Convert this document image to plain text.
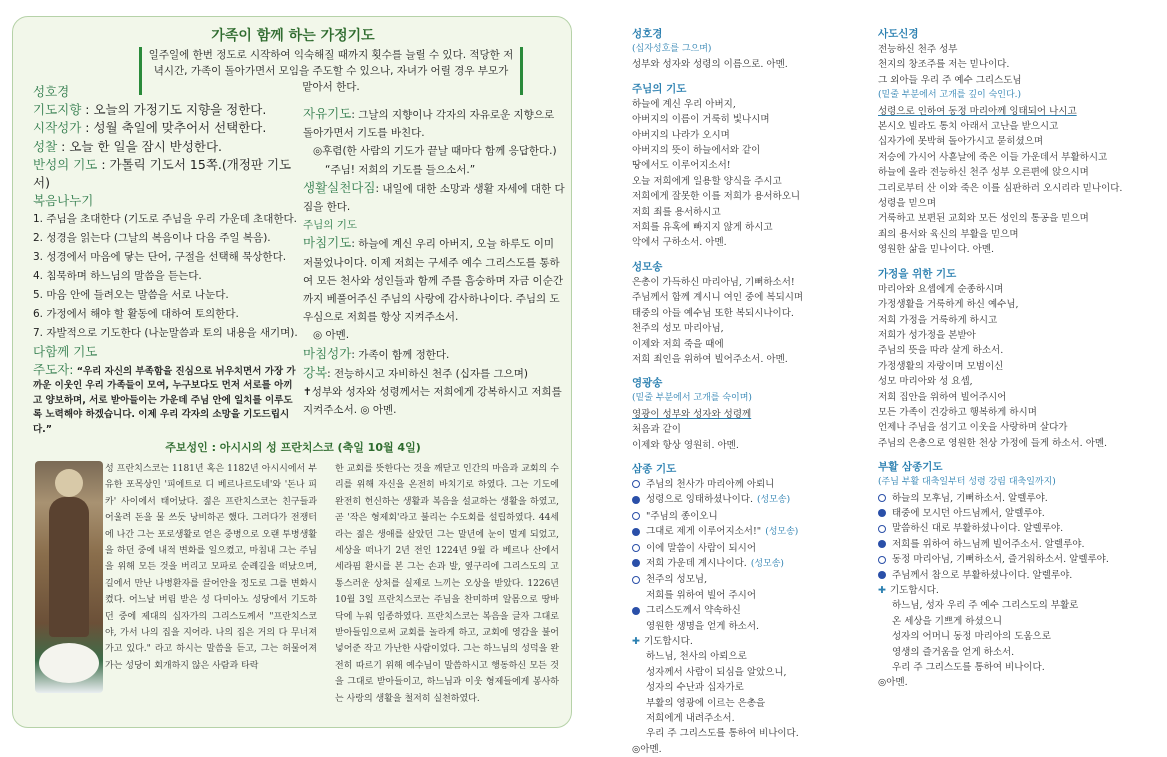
가족이 함께 하는 가정기도
일주일에 한번 정도로 시작하여 익숙해질 때까지 횟수를 늘릴 수 있다. 적당한 저녁시간, 가족이 돌아가면서 모임을 주도할 수 있으나, 자녀가 어릴 경우 부모가 맡아서 한다.
성호경
기도지향 : 오늘의 가정기도 지향을 정한다.
시작성가 : 성월 축일에 맞추어서 선택한다.
성찰 : 오늘 한 일을 잠시 반성한다.
반성의 기도 : 가톨릭 기도서 15쪽.(개정판 기도서)
복음나누기
1. 주님을 초대한다 (기도로 주님을 우리 가운데 초대한다.
2. 성경을 읽는다 (그날의 복음이나 다음 주일 복음).
3. 성경에서 마음에 닿는 단어, 구절을 선택해 묵상한다.
4. 침묵하며 하느님의 말씀을 듣는다.
5. 마음 안에 들려오는 말씀을 서로 나눈다.
6. 가정에서 해야 할 활동에 대하여 토의한다.
7. 자발적으로 기도한다 (나눈말씀과 토의 내용을 새기며).
다함께 기도
주도자: “우리 자신의 부족함을 진심으로 뉘우치면서 가장 가까운 이웃인 우리 가족들이 모여, 누구보다도 먼저 서로를 아끼고 양보하며, 서로 받아들이는 가운데 주님 안에 일치를 이루도록 노력해야 하겠습니다. 이제 우리 각자의 소망을 기도드립시다.”

자유기도: 그날의 지향이나 각자의 자유로운 지향으로 돌아가면서 기도를 바친다.

◎후렴(한 사람의 기도가 끝날 때마다 함께 응답한다.)

“주님! 저희의 기도를 들으소서.”

생활실천다짐: 내일에 대한 소망과 생활 자세에 대한 다짐을 한다.

주님의 기도

마침기도: 하늘에 계신 우리 아버지, 오늘 하루도 이미 저물었나이다. 이제 저희는 구세주 예수 그리스도를 통하여 모든 천사와 성인들과 함께 주를 흠숭하며 자금 이순간까지 베풀어주신 주님의 사랑에 감사하나이다. 주님의 도우심으로 저희를 항상 지켜주소서.

◎ 아멘.

마침성가: 가족이 함께 정한다.

강복: 전능하시고 자비하신 천주 (십자를 그으며)

✝성부와 성자와 성령께서는 저희에게 강복하시고 저희를 지켜주소서. ◎ 아멘.

주보성인 : 아시시의 성 프란치스코 (축일 10월 4일)
성 프란치스코는 1181년 혹은 1182년 아시시에서 부유한 포목상인 '피에트로 디 베르나르도네'와 '돈나 피카' 사이에서 태어났다. 젊은 프란치스코는 친구들과 어울려 돈을 물 쓰듯 낭비하곤 했다. 그러다가 전쟁터에 나간 그는 포로생활로 얻은 중병으로 오랜 투병생활을 하던 중에 내적 변화를 일으켰고, 마침내 그는 주님을 위해 모든 것을 버리고 모파로 순례길을 떠났으며, 길에서 만난 나병환자를 끌어안을 정도로 그를 변화시켰다. 어느날 버림 받은 성 다미아노 성당에서 기도하던 중에 제대의 십자가의 그리스도께서 "프란치스코야, 가서 나의 집을 지어라. 나의 집은 거의 다 무너져 가고 있다." 라고 하시는 말씀을 듣고, 그는 허물어져 가는 성당이 회개하지 않은 사람과 타락
한 교회를 뜻한다는 것을 깨닫고 인간의 마음과 교회의 수리를 위해 자신을 온전히 바치기로 하였다. 그는 기도에 완전히 헌신하는 생활과 복음을 설교하는 생활을 하였고, 곧 '작은 형제회'라고 불리는 수도회를 설립하였다. 44세라는 젊은 생애를 살았던 그는 말년에 눈이 멀게 되었고, 세상을 떠나기 2년 전인 1224년 9월 라 베르나 산에서 세라핌 환시를 본 그는 손과 발, 옆구리에 그리스도의 고통스러운 상처를 실제로 느끼는 오상을 받았다. 1226년 10월 3일 프란치스코는 주님을 찬미하며 알몸으로 땅바닥에 누워 임종하였다. 프란치스코는 복음을 글자 그대로 받아들임으로써 교회를 놀라게 하고, 교회에 영감을 불어넣어준 작고 가난한 사람이었다. 그는 하느님의 성덕을 완전히 따르기 위해 예수님이 말씀하시고 행동하신 모든 것을 그대로 받아들이고, 하느님과 이웃 형제들에게 봉사하는 사랑의 생활을 철저히 실천하였다.
성호경
(십자성호를 그으며)
성부와 성자와 성령의 이름으로. 아멘.
주님의 기도
하늘에 계신 우리 아버지,
아버지의 이름이 거룩히 빛나시며
아버지의 나라가 오시며
아버지의 뜻이 하늘에서와 같이
땅에서도 이루어지소서!
오늘 저희에게 일용할 양식을 주시고
저희에게 잘못한 이를 저희가 용서하오니
저희 죄를 용서하시고
저희를 유혹에 빠지지 않게 하시고
악에서 구하소서. 아멘.
성모송
은총이 가득하신 마리아님, 기뻐하소서!
주님께서 함께 계시니 여인 중에 복되시며
태중의 아들 예수님 또한 복되시나이다.
천주의 성모 마리아님,
이제와 저희 죽을 때에
저희 죄인을 위하여 빌어주소서. 아멘.
영광송
(밑줄 부분에서 고개를 숙이며)
영광이 성부와 성자와 성령께
처음과 같이
이제와 항상 영원히. 아멘.
삼종 기도
주님의 천사가 마리아께 아뢰니
성령으로 잉태하셨나이다. (성모송)
"주님의 종이오니
그대로 제게 이루어지소서!" (성모송)
이에 말씀이 사람이 되시어
저희 가운데 계시나이다. (성모송)
천주의 성모님,
저희를 위하여 빌어 주시어
그리스도께서 약속하신
영원한 생명을 얻게 하소서.
✚ 기도합시다.
하느님, 천사의 아뢰으로
성자께서 사람이 되심을 알았으니,
성자의 수난과 십자가로
부활의 영광에 이르는 은총을
저희에게 내려주소서.
우리 주 그리스도를 통하여 비나이다.
◎아멘.
사도신경
전능하신 천주 성부
천지의 창조주를 저는 믿나이다.
그 외아들 우리 주 예수 그리스도님
(밑줄 부분에서 고개를 깊이 숙인다.)
성령으로 인하여 동정 마리아께 잉태되어 나시고
본시오 빌라도 통치 아래서 고난을 받으시고
십자가에 못박혀 돌아가시고 묻히셨으며
저승에 가시어 사흗날에 죽은 이들 가운데서 부활하시고
하늘에 올라 전능하신 천주 성부 오른편에 앉으시며
그리로부터 산 이와 죽은 이를 심판하러 오시리라 믿나이다.
성령을 믿으며
거룩하고 보편된 교회와 모든 성인의 통공을 믿으며
죄의 용서와 육신의 부활을 믿으며
영원한 삶을 믿나이다. 아멘.
가정을 위한 기도
마리아와 요셉에게 순종하시며
가정생활을 거룩하게 하신 예수님,
저희 가정을 거룩하게 하시고
저희가 성가정을 본받아
주님의 뜻을 따라 살게 하소서.
가정생활의 자랑이며 모범이신
성모 마리아와 성 요셉,
저희 집안을 위하여 빌어주시어
모든 가족이 건강하고 행복하게 하시며
언제나 주님을 섬기고 이웃을 사랑하며 살다가
주님의 은총으로 영원한 천상 가정에 들게 하소서. 아멘.
부활 삼종기도
(주님 부활 대축일부터 성령 강림 대축일까지)
하늘의 모후님, 기뻐하소서. 알렐루야.
태중에 모시던 아드님께서, 알렐루야.
말씀하신 대로 부활하셨나이다. 알렐루야.
저희를 위하여 하느님께 빌어주소서. 알렐루야.
동정 마리아님, 기뻐하소서, 즐거워하소서. 알렐루야.
주님께서 참으로 부활하셨나이다. 알렐루야.
✚ 기도합시다.
하느님, 성자 우리 주 예수 그리스도의 부활로
온 세상을 기쁘게 하셨으니
성자의 어머니 동정 마리아의 도움으로
영생의 즐거움을 얻게 하소서.
우리 주 그리스도를 통하여 비나이다.
◎아멘.
